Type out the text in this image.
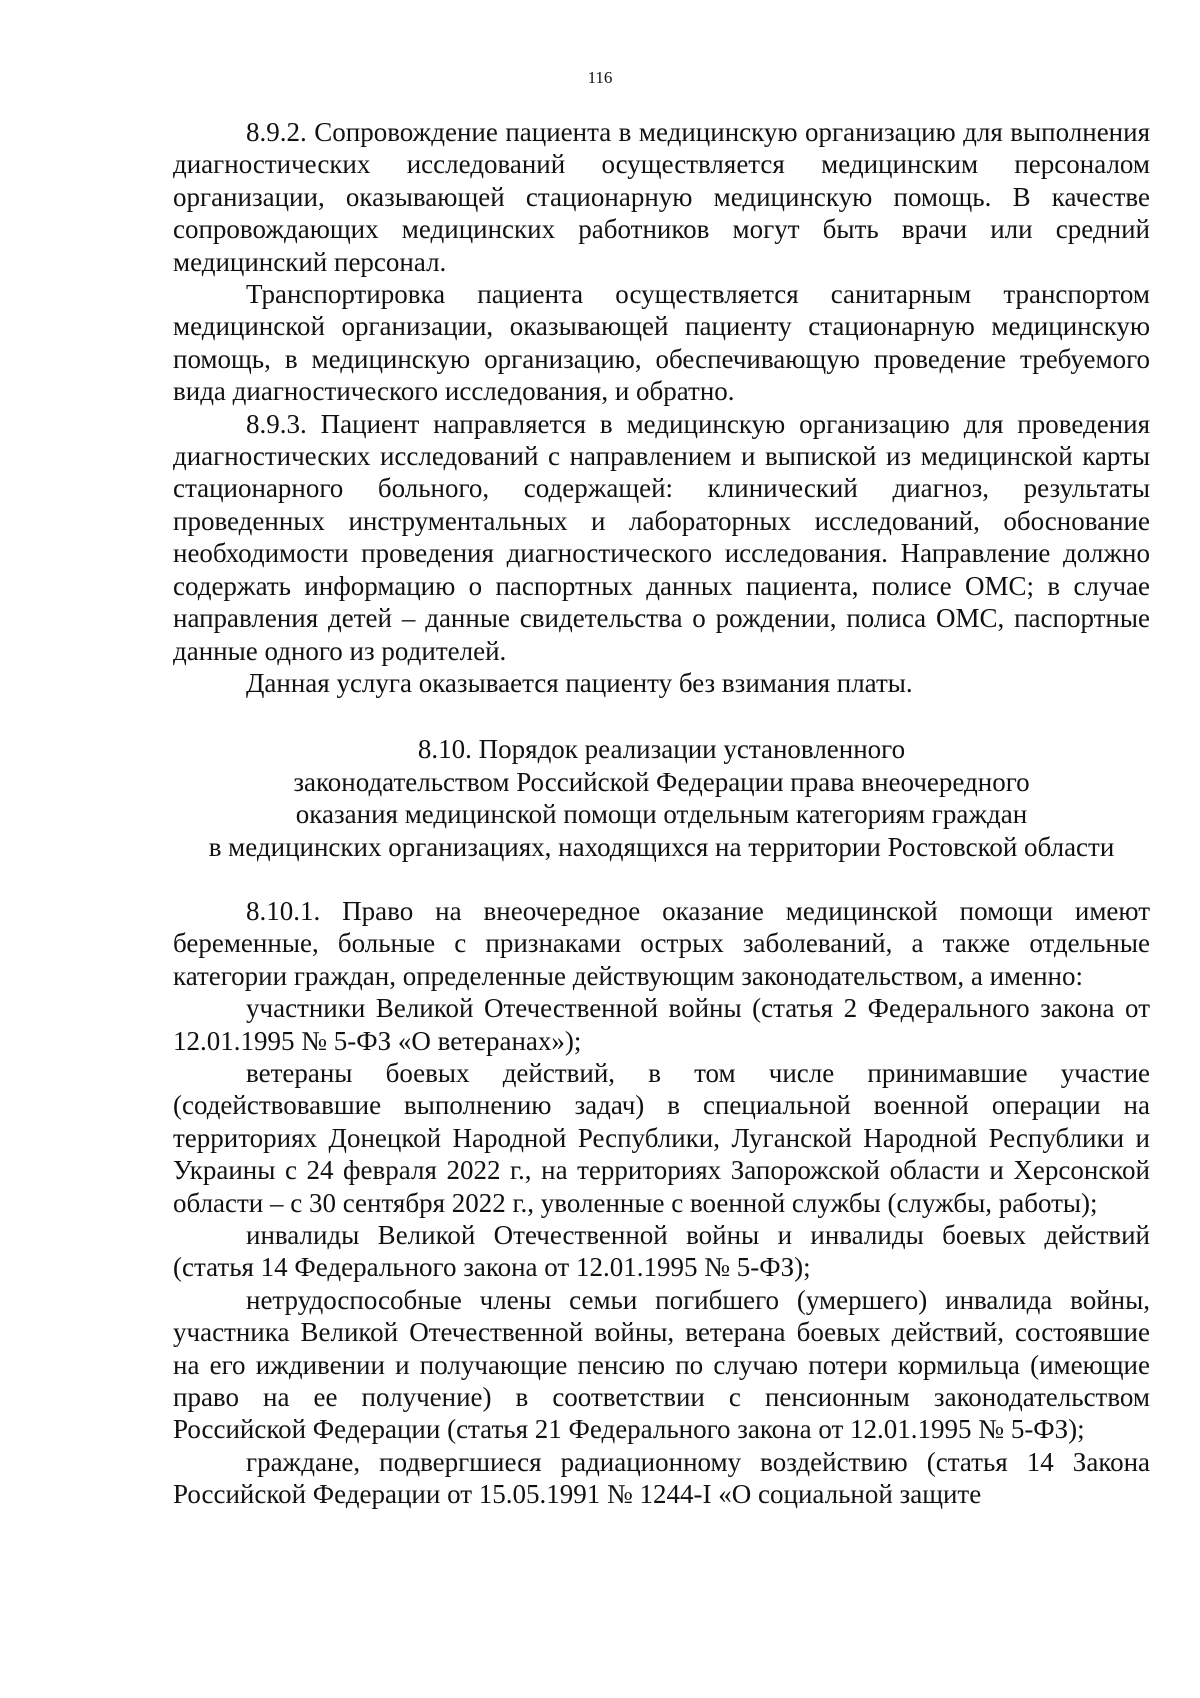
116

8.9.2. Сопровождение пациента в медицинскую организацию для выполнения диагностических исследований осуществляется медицинским персоналом организации, оказывающей стационарную медицинскую помощь. В качестве сопровождающих медицинских работников могут быть врачи или средний медицинский персонал.

Транспортировка пациента осуществляется санитарным транспортом медицинской организации, оказывающей пациенту стационарную медицинскую помощь, в медицинскую организацию, обеспечивающую проведение требуемого вида диагностического исследования, и обратно.

8.9.3. Пациент направляется в медицинскую организацию для проведения диагностических исследований с направлением и выпиской из медицинской карты стационарного больного, содержащей: клинический диагноз, результаты проведенных инструментальных и лабораторных исследований, обоснование необходимости проведения диагностического исследования. Направление должно содержать информацию о паспортных данных пациента, полисе ОМС; в случае направления детей – данные свидетельства о рождении, полиса ОМС, паспортные данные одного из родителей.

Данная услуга оказывается пациенту без взимания платы.

8.10. Порядок реализации установленного
законодательством Российской Федерации права внеочередного
оказания медицинской помощи отдельным категориям граждан
в медицинских организациях, находящихся на территории Ростовской области

8.10.1. Право на внеочередное оказание медицинской помощи имеют беременные, больные с признаками острых заболеваний, а также отдельные категории граждан, определенные действующим законодательством, а именно:

участники Великой Отечественной войны (статья 2 Федерального закона от 12.01.1995 № 5-ФЗ «О ветеранах»);

ветераны боевых действий, в том числе принимавшие участие (содействовавшие выполнению задач) в специальной военной операции на территориях Донецкой Народной Республики, Луганской Народной Республики и Украины с 24 февраля 2022 г., на территориях Запорожской области и Херсонской области – с 30 сентября 2022 г., уволенные с военной службы (службы, работы);

инвалиды Великой Отечественной войны и инвалиды боевых действий (статья 14 Федерального закона от 12.01.1995 № 5-ФЗ);

нетрудоспособные члены семьи погибшего (умершего) инвалида войны, участника Великой Отечественной войны, ветерана боевых действий, состоявшие на его иждивении и получающие пенсию по случаю потери кормильца (имеющие право на ее получение) в соответствии с пенсионным законодательством Российской Федерации (статья 21 Федерального закона от 12.01.1995 № 5-ФЗ);

граждане, подвергшиеся радиационному воздействию (статья 14 Закона Российской Федерации от 15.05.1991 № 1244-I «О социальной защите
